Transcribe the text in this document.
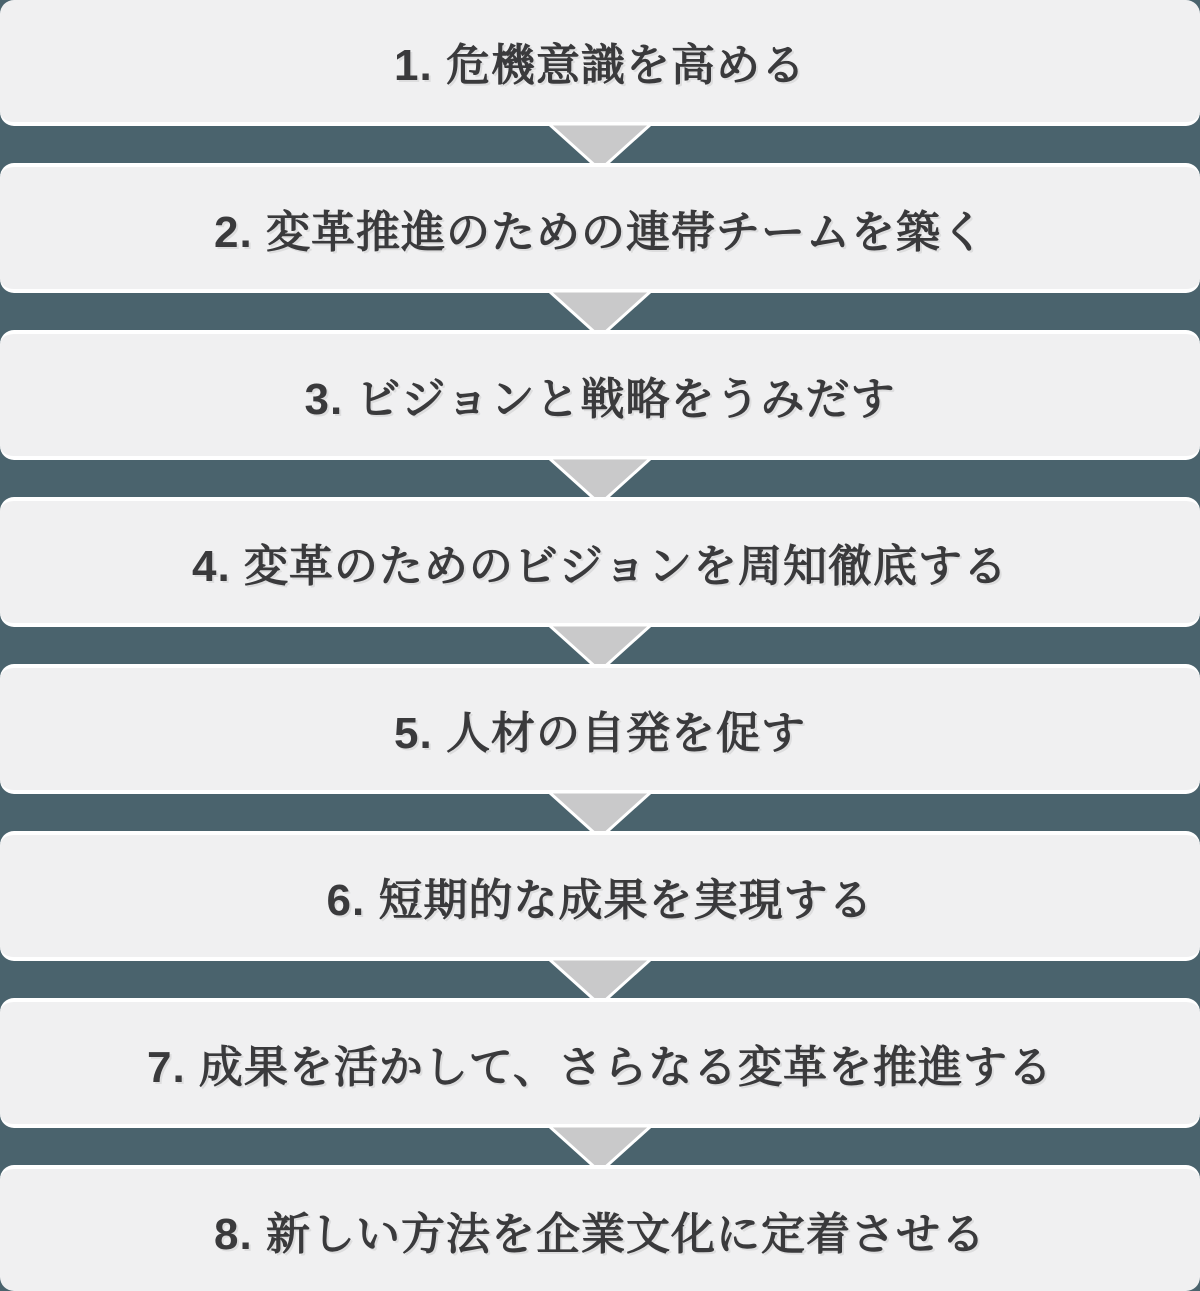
1. 危機意識を高める
2. 変革推進のための連帯チームを築く
3. ビジョンと戦略をうみだす
4. 変革のためのビジョンを周知徹底する
5. 人材の自発を促す
6. 短期的な成果を実現する
7. 成果を活かして、さらなる変革を推進する
8. 新しい方法を企業文化に定着させる
